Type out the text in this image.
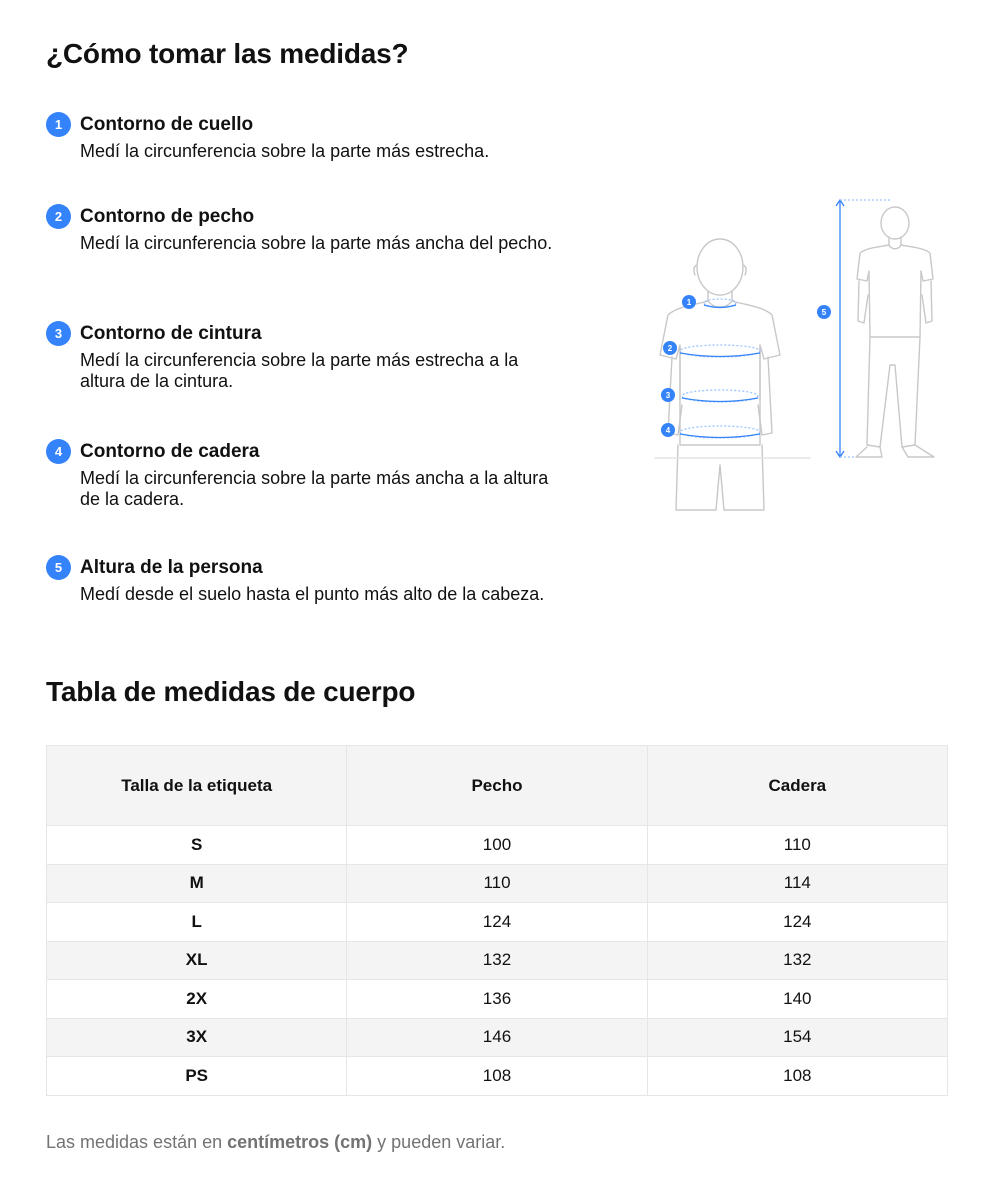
¿Cómo tomar las medidas?
1 Contorno de cuello

Medí la circunferencia sobre la parte más estrecha.

2 Contorno de pecho

Medí la circunferencia sobre la parte más ancha del pecho.

3 Contorno de cintura

Medí la circunferencia sobre la parte más estrecha a la altura de la cintura.

4 Contorno de cadera

Medí la circunferencia sobre la parte más ancha a la altura de la cadera.

5 Altura de la persona

Medí desde el suelo hasta el punto más alto de la cabeza.

1
2
3
4
5
Tabla de medidas de cuerpo
Talla de la etiqueta	Pecho	Cadera
S	100	110
M	110	114
L	124	124
XL	132	132
2X	136	140
3X	146	154
PS	108	108

Las medidas están en centímetros (cm) y pueden variar.
